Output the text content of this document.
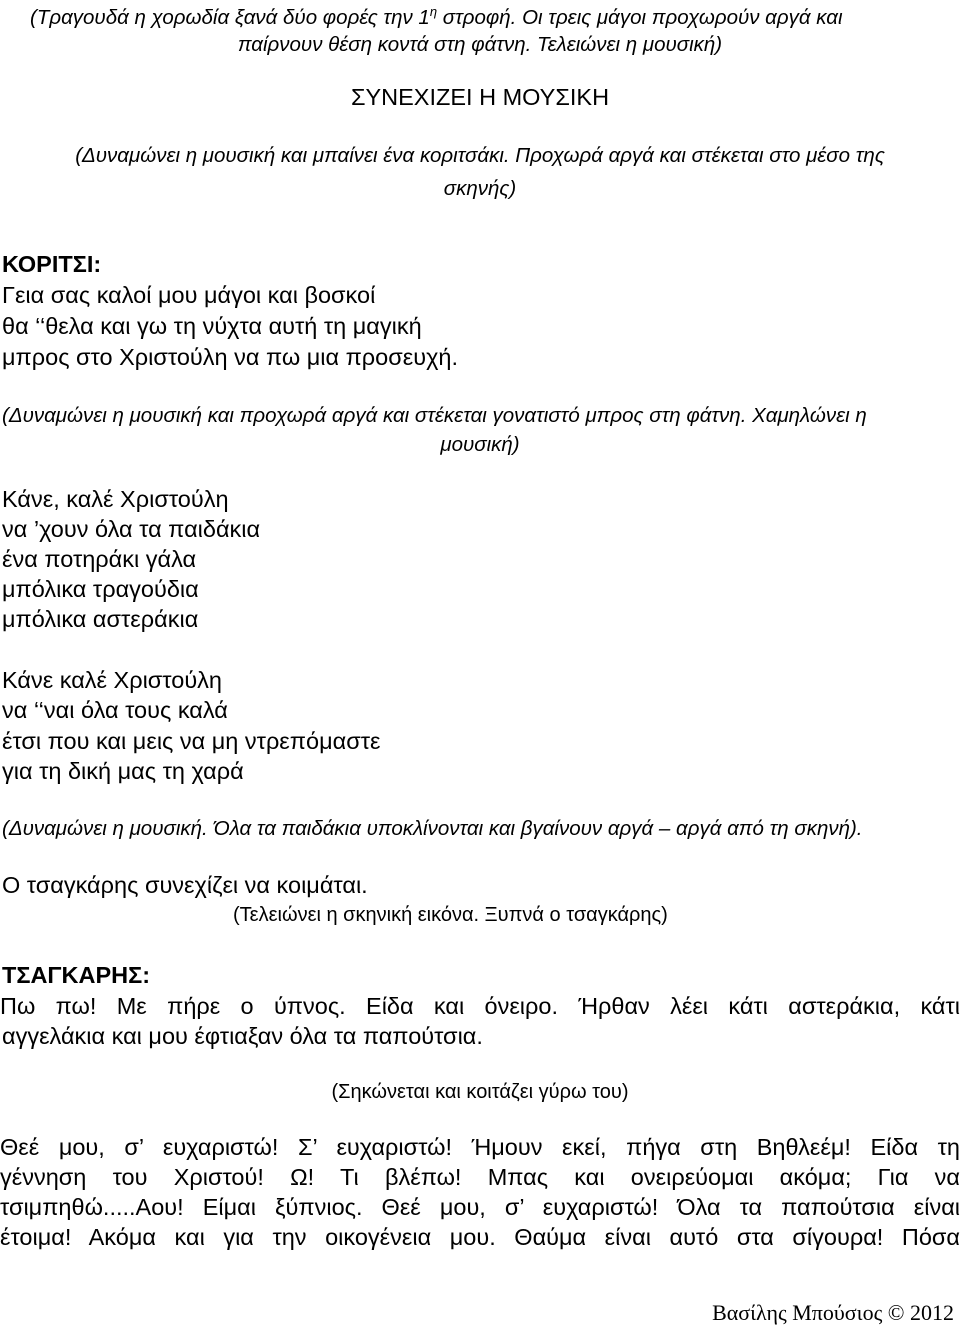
(Τραγουδά η χορωδία ξανά δύο φορές την $1^\eta$ στροφή. Οι τρεις μάγοι προχωρούν αργά και

παίρνουν θέση κοντά στη φάτνη. Τελειώνει η μουσική)

ΣΥΝΕΧΙΖΕΙ Η ΜΟΥΣΙΚΗ

(Δυναμώνει η μουσική και μπαίνει ένα κοριτσάκι. Προχωρά αργά και στέκεται στο μέσο της

σκηνής)

ΚΟΡΙΤΣΙ:

Γεια σας καλοί μου μάγοι και βοσκοί

θα ‘‘θελα και γω τη νύχτα αυτή τη μαγική

μπρος στο Χριστούλη να πω μια προσευχή.

(Δυναμώνει η μουσική και προχωρά αργά και στέκεται γονατιστό μπρος στη φάτνη. Χαμηλώνει η

μουσική)

Κάνε, καλέ Χριστούλη

να ’χουν όλα τα παιδάκια

ένα ποτηράκι γάλα

μπόλικα τραγούδια

μπόλικα αστεράκια

Κάνε καλέ Χριστούλη

να ‘‘ναι όλα τους καλά

έτσι που και μεις να μη ντρεπόμαστε

για τη δική μας τη χαρά

(Δυναμώνει η μουσική. Όλα τα παιδάκια υποκλίνονται και βγαίνουν αργά – αργά από τη σκηνή).

Ο τσαγκάρης συνεχίζει να κοιμάται.

(Τελειώνει η σκηνική εικόνα. Ξυπνά ο τσαγκάρης)

ΤΣΑΓΚΑΡΗΣ:

Πω πω! Με πήρε ο ύπνος. Είδα και όνειρο. Ήρθαν λέει κάτι αστεράκια, κάτι

αγγελάκια και μου έφτιαξαν όλα τα παπούτσια.

(Σηκώνεται και κοιτάζει γύρω του)

Θεέ μου, σ’ ευχαριστώ! Σ’ ευχαριστώ! Ήμουν εκεί, πήγα στη Βηθλεέμ! Είδα τη

γέννηση του Χριστού! Ω! Τι βλέπω! Μπας και ονειρεύομαι ακόμα; Για να

τσιμπηθώ.....Αου! Είμαι ξύπνιος. Θεέ μου, σ’ ευχαριστώ! Όλα τα παπούτσια είναι

έτοιμα! Ακόμα και για την οικογένεια μου. Θαύμα είναι αυτό στα σίγουρα! Πόσα

Βασίλης Μπούσιος © 2012
